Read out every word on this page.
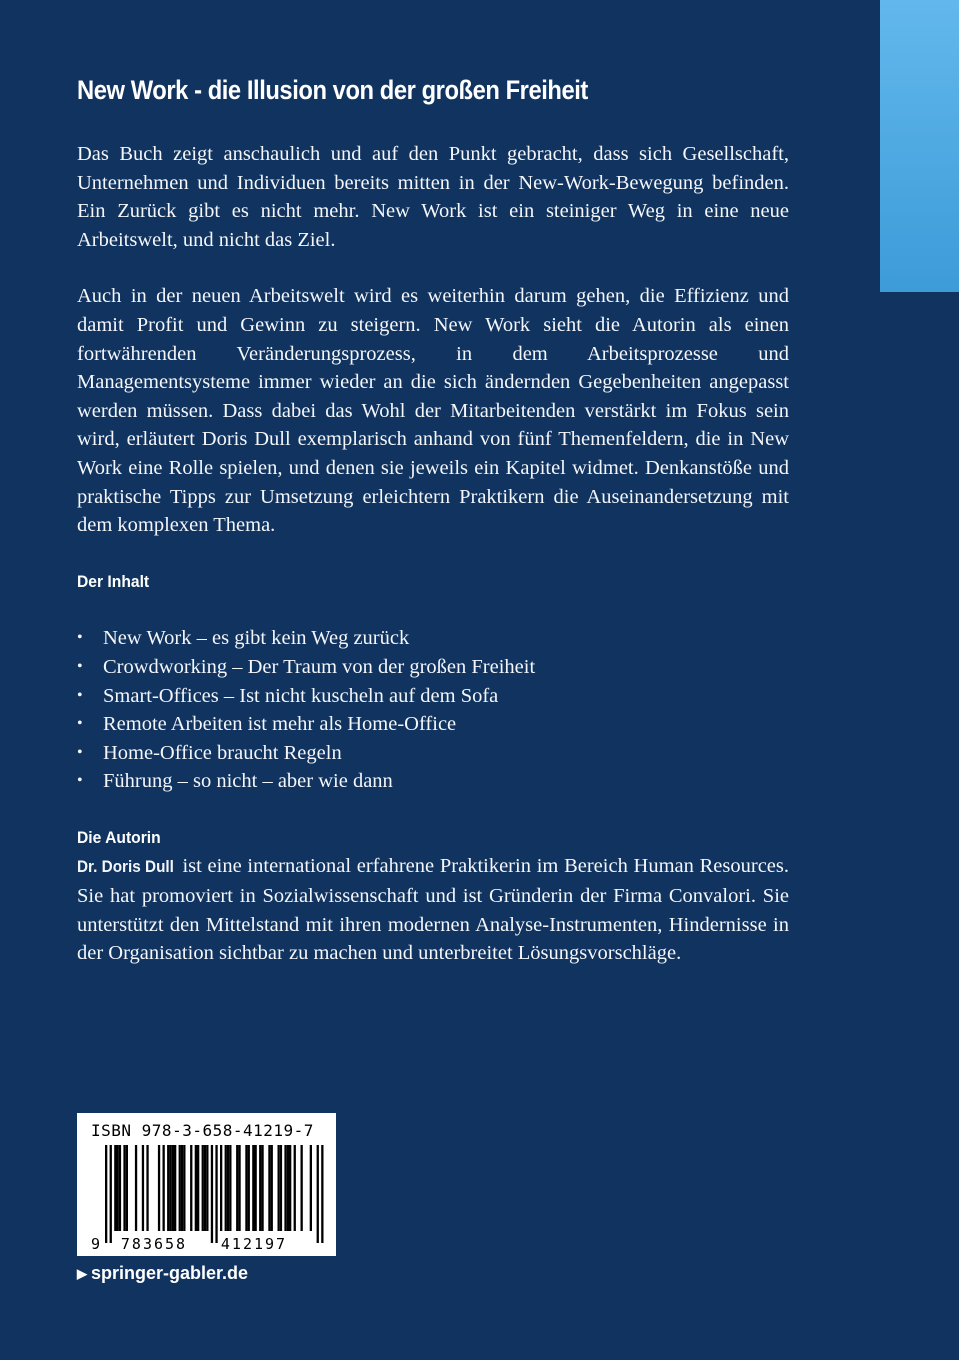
New Work - die Illusion von der großen Freiheit

Das Buch zeigt anschaulich und auf den Punkt gebracht, dass sich Gesellschaft, Unternehmen und Individuen bereits mitten in der New-Work-Bewegung befinden. Ein Zurück gibt es nicht mehr. New Work ist ein steiniger Weg in eine neue Arbeitswelt, und nicht das Ziel.

Auch in der neuen Arbeitswelt wird es weiterhin darum gehen, die Effizienz und damit Profit und Gewinn zu steigern. New Work sieht die Autorin als einen fortwährenden Veränderungsprozess, in dem Arbeitsprozesse und Managementsysteme immer wieder an die sich ändernden Gegebenheiten angepasst werden müssen. Dass dabei das Wohl der Mitarbeitenden verstärkt im Fokus sein wird, erläutert Doris Dull exemplarisch anhand von fünf Themenfeldern, die in New Work eine Rolle spielen, und denen sie jeweils ein Kapitel widmet. Denkanstöße und praktische Tipps zur Umsetzung erleichtern Praktikern die Auseinandersetzung mit dem komplexen Thema.

Der Inhalt
• New Work – es gibt kein Weg zurück
• Crowdworking – Der Traum von der großen Freiheit
• Smart-Offices – Ist nicht kuscheln auf dem Sofa
• Remote Arbeiten ist mehr als Home-Office
• Home-Office braucht Regeln
• Führung – so nicht – aber wie dann
Die Autorin

Dr. Doris Dull ist eine international erfahrene Praktikerin im Bereich Human Resources. Sie hat promoviert in Sozialwissenschaft und ist Gründerin der Firma Convalori. Sie unterstützt den Mittelstand mit ihren modernen Analyse-Instrumenten, Hindernisse in der Organisation sichtbar zu machen und unterbreitet Lösungsvorschläge.

ISBN 978-3-658-41219-7
9 783658 412197
▶ springer-gabler.de
